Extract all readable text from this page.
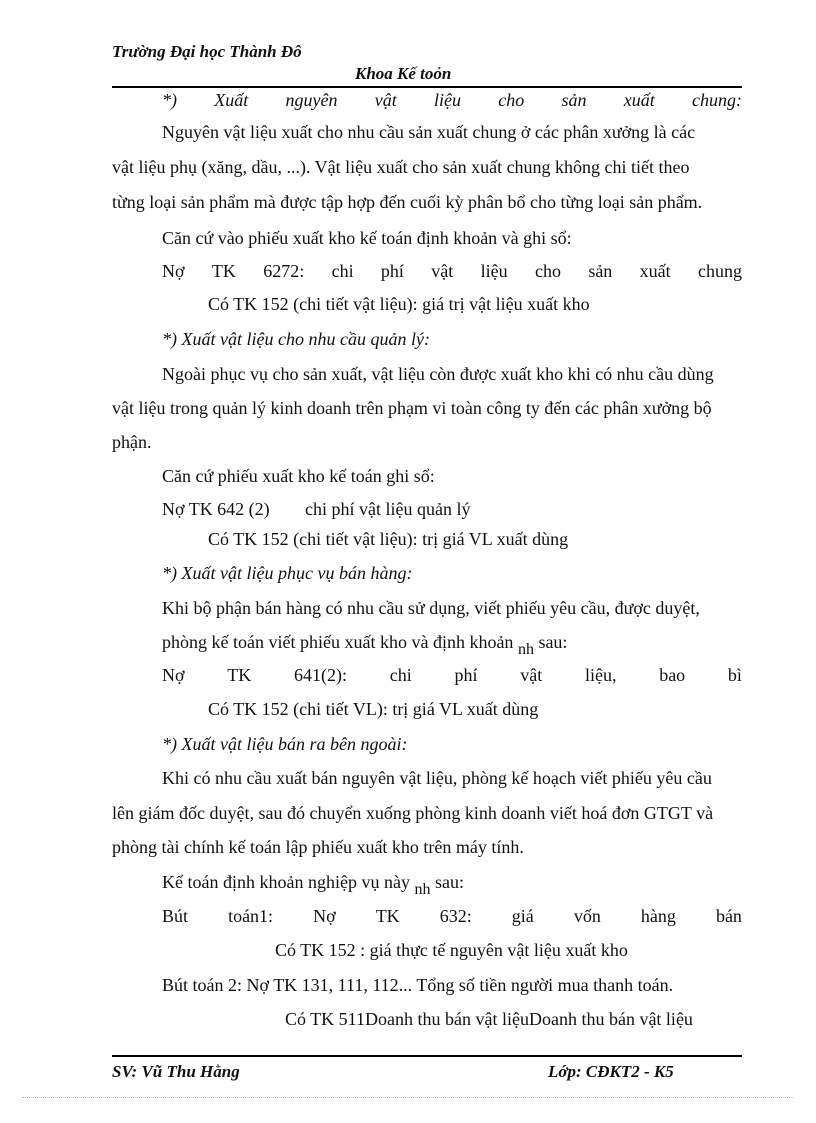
Trường Đại học Thành Đô
Khoa Kế toỏn
*) Xuất nguyên vật liệu cho sản xuất chung:
Nguyên vật liệu xuất cho nhu cầu sản xuất chung ở các phân xưởng là các
vật liệu phụ (xăng, dầu, ...). Vật liệu xuất cho sản xuất chung không chi tiết theo
từng loại sản phẩm mà được tập hợp đến cuối kỳ phân bổ cho từng loại sản phẩm.
Căn cứ vào phiếu xuất kho kế toán định khoản và ghi sổ:
Nợ TK 6272: chi phí vật liệu cho sản xuất chung
Có TK 152 (chi tiết vật liệu): giá trị vật liệu xuất kho
*) Xuất vật liệu cho nhu cầu quản lý:
Ngoài phục vụ cho sản xuất, vật liệu còn được xuất kho khi có nhu cầu dùng
vật liệu trong quản lý kinh doanh trên phạm vi toàn công ty đến các phân xưởng bộ
phận.
Căn cứ phiếu xuất kho kế toán ghi sổ:
Nợ TK 642 (2) chi phí vật liệu quản lý
Có TK 152 (chi tiết vật liệu): trị giá VL xuất dùng
*) Xuất vật liệu phục vụ bán hàng:
Khi bộ phận bán hàng có nhu cầu sử dụng, viết phiếu yêu cầu, được duyệt,
phòng kế toán viết phiếu xuất kho và định khoản nh sau:
Nợ TK 641(2): chi phí vật liệu, bao bì
Có TK 152 (chi tiết VL): trị giá VL xuất dùng
*) Xuất vật liệu bán ra bên ngoài:
Khi có nhu cầu xuất bán nguyên vật liệu, phòng kế hoạch viết phiếu yêu cầu
lên giám đốc duyệt, sau đó chuyển xuống phòng kinh doanh viết hoá đơn GTGT và
phòng tài chính kế toán lập phiếu xuất kho trên máy tính.
Kế toán định khoản nghiệp vụ này nh sau:
Bút toán1: Nợ TK 632: giá vốn hàng bán
Có TK 152 : giá thực tế nguyên vật liệu xuất kho
Bút toán 2: Nợ TK 131, 111, 112... Tổng số tiền người mua thanh toán.
Có TK 511Doanh thu bán vật liệuDoanh thu bán vật liệu
SV: Vũ Thu Hằng	Lớp: CĐKT2 - K5
